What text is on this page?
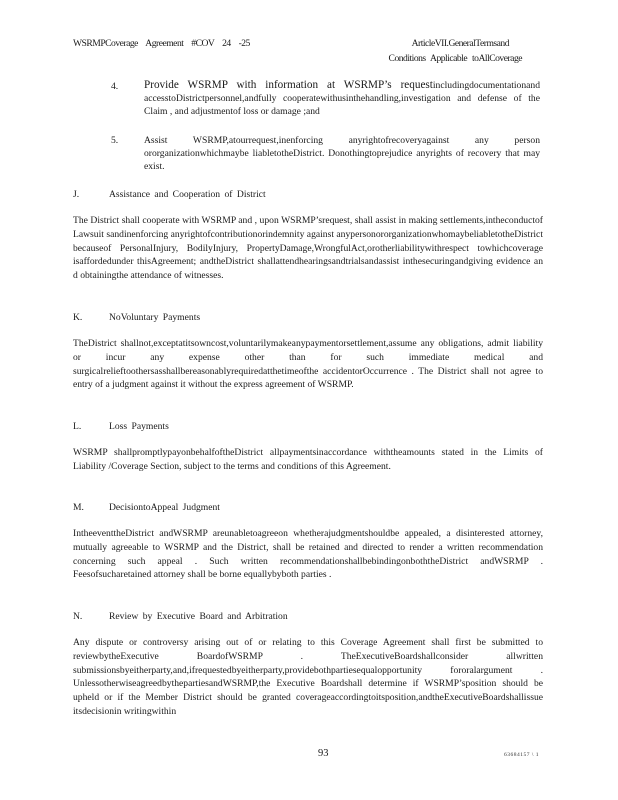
WSRMPCoverage Agreement #COV 24 -25	ArticleVII.GeneralTermsand
Conditions Applicable toAllCoverage
4. Provide WSRMP with information at WSRMP’s requestincludingdocumentationand accesstoDistrictpersonnel,andfully cooperatewithusinthehandling,investigation and defense of the Claim , and adjustmentof loss or damage ;and
5.	Assist WSRMP,atourrequest,inenforcing anyrightofrecoveryagainst any person ororganizationwhichmaybe liabletotheDistrict. Donothingtoprejudice anyrights of recovery that may exist.
J.	Assistance and Cooperation of District
The District shall cooperate with WSRMP and , upon WSRMP’srequest, shall assist in making settlements,intheconductof Lawsuit sandinenforcing anyrightofcontributionorindemnity against anypersonororganizationwhomaybeliabletotheDistrict becauseof PersonalInjury, BodilyInjury, PropertyDamage,WrongfulAct,orotherliabilitywithrespect towhichcoverage isaffordedunder thisAgreement; andtheDistrict shallattendhearingsandtrialsandassist inthesecuringandgiving evidence an d obtainingthe attendance of witnesses.
K.	NoVoluntary Payments
TheDistrict shallnot,exceptatitsowncost,voluntarilymakeanypaymentorsettlement,assume any obligations, admit liability or incur any expense other than for such immediate medical and surgicalrelieftoothersasshallbereasonablyrequiredatthetimeofthe accidentorOccurrence . The District shall not agree to entry of a judgment against it without the express agreement of WSRMP.
L.	Loss Payments
WSRMP shallpromptlypayonbehalfoftheDistrict allpaymentsinaccordance withtheamounts stated in the Limits of Liability /Coverage Section, subject to the terms and conditions of this Agreement.
M.	DecisiontoAppeal Judgment
IntheeventtheDistrict andWSRMP areunabletoagreeon whetherajudgmentshouldbe appealed, a disinterested attorney, mutually agreeable to WSRMP and the District, shall be retained and directed to render a written recommendation concerning such appeal . Such written recommendationshallbebindingonboththeDistrict andWSRMP . Feesofsucharetained attorney shall be borne equallybyboth parties .
N.	Review by Executive Board and Arbitration
Any dispute or controversy arising out of or relating to this Coverage Agreement shall first be submitted to reviewbytheExecutive BoardofWSRMP . TheExecutiveBoardshallconsider allwritten submissionsbyeitherparty,and,ifrequestedbyeitherparty,providebothpartiesequalopportunity fororalargument . UnlessotherwiseagreedbythepartiesandWSRMP,the Executive Boardshall determine if WSRMP’sposition should be upheld or if the Member District should be granted coverageaccordingtoitsposition,andtheExecutiveBoardshallissue itsdecisionin writingwithin
93	63684157 \ 1
